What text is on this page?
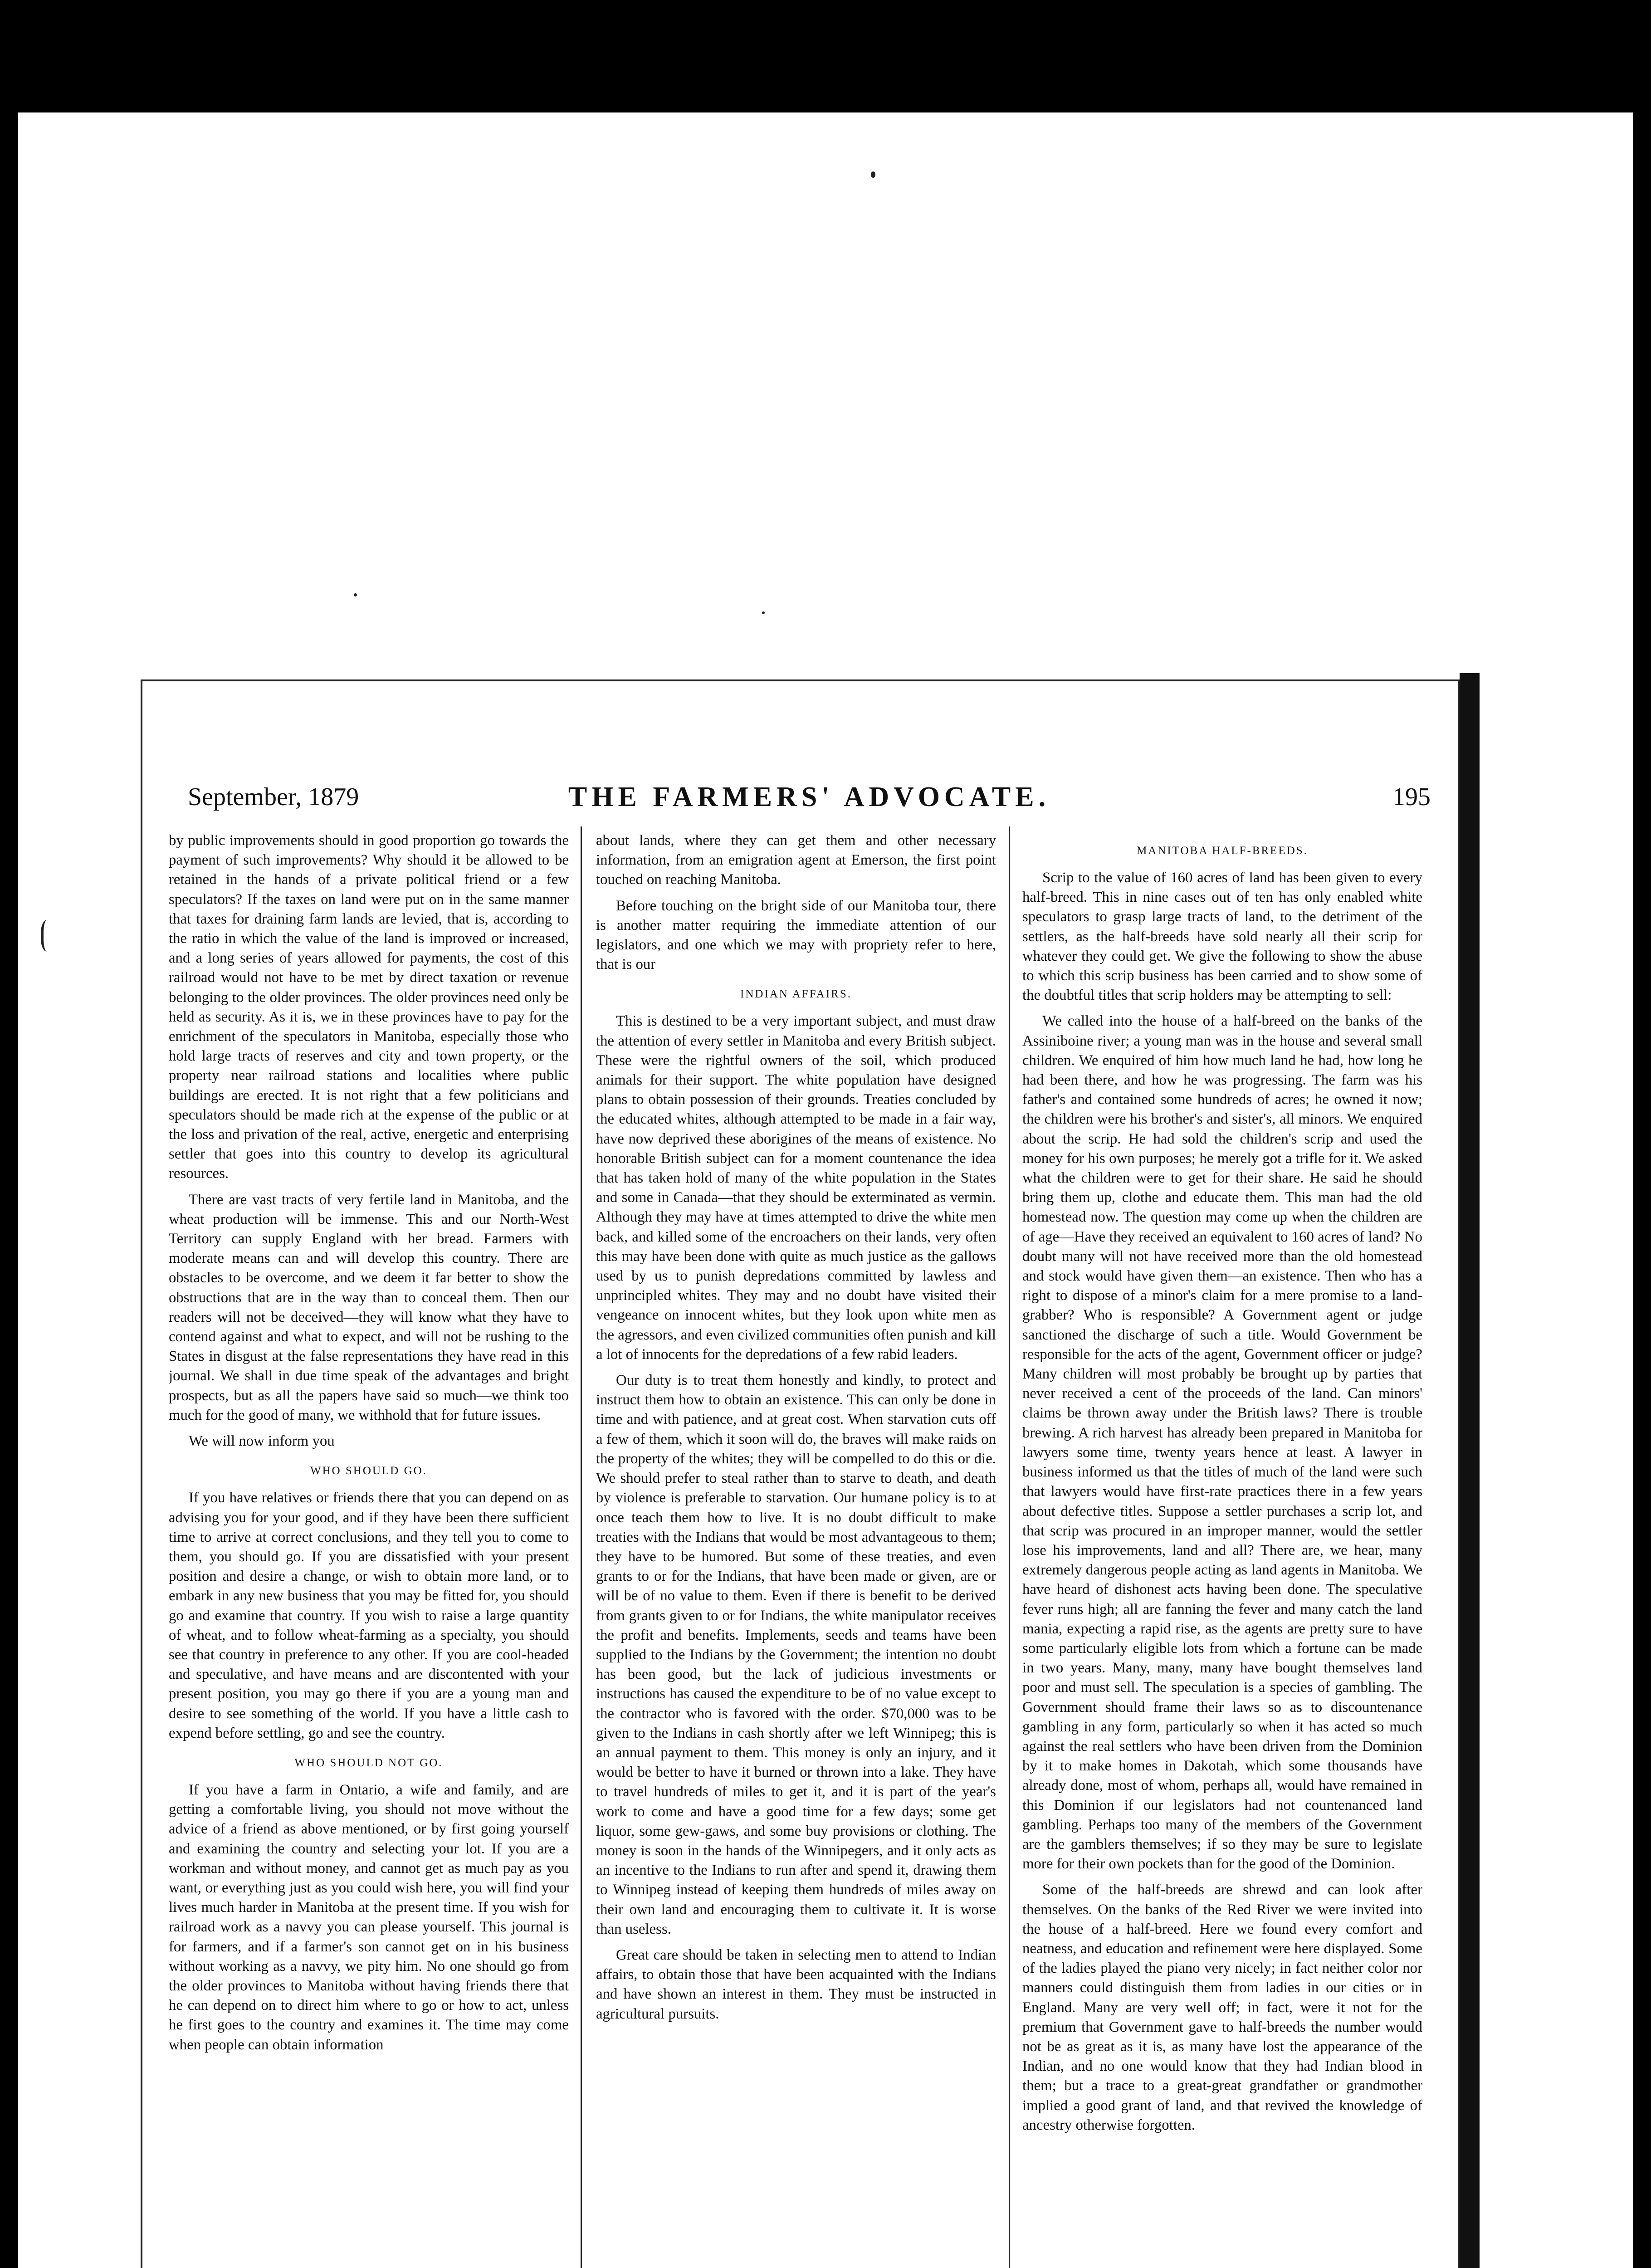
September, 1879	THE FARMERS' ADVOCATE.	195

by public improvements should in good proportion go towards the payment of such improvements? Why should it be allowed to be retained in the hands of a private political friend or a few speculators? If the taxes on land were put on in the same manner that taxes for draining farm lands are levied, that is, according to the ratio in which the value of the land is improved or increased, and a long series of years allowed for payments, the cost of this railroad would not have to be met by direct taxation or revenue belonging to the older provinces. The older provinces need only be held as security. As it is, we in these provinces have to pay for the enrichment of the speculators in Manitoba, especially those who hold large tracts of reserves and city and town property, or the property near railroad stations and localities where public buildings are erected. It is not right that a few politicians and speculators should be made rich at the expense of the public or at the loss and privation of the real, active, energetic and enterprising settler that goes into this country to develop its agricultural resources.

There are vast tracts of very fertile land in Manitoba, and the wheat production will be immense. This and our North-West Territory can supply England with her bread. Farmers with moderate means can and will develop this country. There are obstacles to be overcome, and we deem it far better to show the obstructions that are in the way than to conceal them. Then our readers will not be deceived—they will know what they have to contend against and what to expect, and will not be rushing to the States in disgust at the false representations they have read in this journal. We shall in due time speak of the advantages and bright prospects, but as all the papers have said so much—we think too much for the good of many, we withhold that for future issues.

We will now inform you

WHO SHOULD GO.

If you have relatives or friends there that you can depend on as advising you for your good, and if they have been there sufficient time to arrive at correct conclusions, and they tell you to come to them, you should go. If you are dissatisfied with your present position and desire a change, or wish to obtain more land, or to embark in any new business that you may be fitted for, you should go and examine that country. If you wish to raise a large quantity of wheat, and to follow wheat-farming as a specialty, you should see that country in preference to any other. If you are cool-headed and speculative, and have means and are discontented with your present position, you may go there if you are a young man and desire to see something of the world. If you have a little cash to expend before settling, go and see the country.

WHO SHOULD NOT GO.

If you have a farm in Ontario, a wife and family, and are getting a comfortable living, you should not move without the advice of a friend as above mentioned, or by first going yourself and examining the country and selecting your lot. If you are a workman and without money, and cannot get as much pay as you want, or everything just as you could wish here, you will find your lives much harder in Manitoba at the present time. If you wish for railroad work as a navvy you can please yourself. This journal is for farmers, and if a farmer's son cannot get on in his business without working as a navvy, we pity him. No one should go from the older provinces to Manitoba without having friends there that he can depend on to direct him where to go or how to act, unless he first goes to the country and examines it. The time may come when people can obtain information

about lands, where they can get them and other necessary information, from an emigration agent at Emerson, the first point touched on reaching Manitoba.

Before touching on the bright side of our Manitoba tour, there is another matter requiring the immediate attention of our legislators, and one which we may with propriety refer to here, that is our

INDIAN AFFAIRS.

This is destined to be a very important subject, and must draw the attention of every settler in Manitoba and every British subject. These were the rightful owners of the soil, which produced animals for their support. The white population have designed plans to obtain possession of their grounds. Treaties concluded by the educated whites, although attempted to be made in a fair way, have now deprived these aborigines of the means of existence. No honorable British subject can for a moment countenance the idea that has taken hold of many of the white population in the States and some in Canada—that they should be exterminated as vermin. Although they may have at times attempted to drive the white men back, and killed some of the encroachers on their lands, very often this may have been done with quite as much justice as the gallows used by us to punish depredations committed by lawless and unprincipled whites. They may and no doubt have visited their vengeance on innocent whites, but they look upon white men as the agressors, and even civilized communities often punish and kill a lot of innocents for the depredations of a few rabid leaders.

Our duty is to treat them honestly and kindly, to protect and instruct them how to obtain an existence. This can only be done in time and with patience, and at great cost. When starvation cuts off a few of them, which it soon will do, the braves will make raids on the property of the whites; they will be compelled to do this or die. We should prefer to steal rather than to starve to death, and death by violence is preferable to starvation. Our humane policy is to at once teach them how to live. It is no doubt difficult to make treaties with the Indians that would be most advantageous to them; they have to be humored. But some of these treaties, and even grants to or for the Indians, that have been made or given, are or will be of no value to them. Even if there is benefit to be derived from grants given to or for Indians, the white manipulator receives the profit and benefits. Implements, seeds and teams have been supplied to the Indians by the Government; the intention no doubt has been good, but the lack of judicious investments or instructions has caused the expenditure to be of no value except to the contractor who is favored with the order. $70,000 was to be given to the Indians in cash shortly after we left Winnipeg; this is an annual payment to them. This money is only an injury, and it would be better to have it burned or thrown into a lake. They have to travel hundreds of miles to get it, and it is part of the year's work to come and have a good time for a few days; some get liquor, some gew-gaws, and some buy provisions or clothing. The money is soon in the hands of the Winnipegers, and it only acts as an incentive to the Indians to run after and spend it, drawing them to Winnipeg instead of keeping them hundreds of miles away on their own land and encouraging them to cultivate it. It is worse than useless.

Great care should be taken in selecting men to attend to Indian affairs, to obtain those that have been acquainted with the Indians and have shown an interest in them. They must be instructed in agricultural pursuits.

MANITOBA HALF-BREEDS.

Scrip to the value of 160 acres of land has been given to every half-breed. This in nine cases out of ten has only enabled white speculators to grasp large tracts of land, to the detriment of the settlers, as the half-breeds have sold nearly all their scrip for whatever they could get. We give the following to show the abuse to which this scrip business has been carried and to show some of the doubtful titles that scrip holders may be attempting to sell:

We called into the house of a half-breed on the banks of the Assiniboine river; a young man was in the house and several small children. We enquired of him how much land he had, how long he had been there, and how he was progressing. The farm was his father's and contained some hundreds of acres; he owned it now; the children were his brother's and sister's, all minors. We enquired about the scrip. He had sold the children's scrip and used the money for his own purposes; he merely got a trifle for it. We asked what the children were to get for their share. He said he should bring them up, clothe and educate them. This man had the old homestead now. The question may come up when the children are of age—Have they received an equivalent to 160 acres of land? No doubt many will not have received more than the old homestead and stock would have given them—an existence. Then who has a right to dispose of a minor's claim for a mere promise to a land-grabber? Who is responsible? A Government agent or judge sanctioned the discharge of such a title. Would Government be responsible for the acts of the agent, Government officer or judge? Many children will most probably be brought up by parties that never received a cent of the proceeds of the land. Can minors' claims be thrown away under the British laws? There is trouble brewing. A rich harvest has already been prepared in Manitoba for lawyers some time, twenty years hence at least. A lawyer in business informed us that the titles of much of the land were such that lawyers would have first-rate practices there in a few years about defective titles. Suppose a settler purchases a scrip lot, and that scrip was procured in an improper manner, would the settler lose his improvements, land and all? There are, we hear, many extremely dangerous people acting as land agents in Manitoba. We have heard of dishonest acts having been done. The speculative fever runs high; all are fanning the fever and many catch the land mania, expecting a rapid rise, as the agents are pretty sure to have some particularly eligible lots from which a fortune can be made in two years. Many, many, many have bought themselves land poor and must sell. The speculation is a species of gambling. The Government should frame their laws so as to discountenance gambling in any form, particularly so when it has acted so much against the real settlers who have been driven from the Dominion by it to make homes in Dakotah, which some thousands have already done, most of whom, perhaps all, would have remained in this Dominion if our legislators had not countenanced land gambling. Perhaps too many of the members of the Government are the gamblers themselves; if so they may be sure to legislate more for their own pockets than for the good of the Dominion.

Some of the half-breeds are shrewd and can look after themselves. On the banks of the Red River we were invited into the house of a half-breed. Here we found every comfort and neatness, and education and refinement were here displayed. Some of the ladies played the piano very nicely; in fact neither color nor manners could distinguish them from ladies in our cities or in England. Many are very well off; in fact, were it not for the premium that Government gave to half-breeds the number would not be as great as it is, as many have lost the appearance of the Indian, and no one would know that they had Indian blood in them; but a trace to a great-great grandfather or grandmother implied a good grant of land, and that revived the knowledge of ancestry otherwise forgotten.
